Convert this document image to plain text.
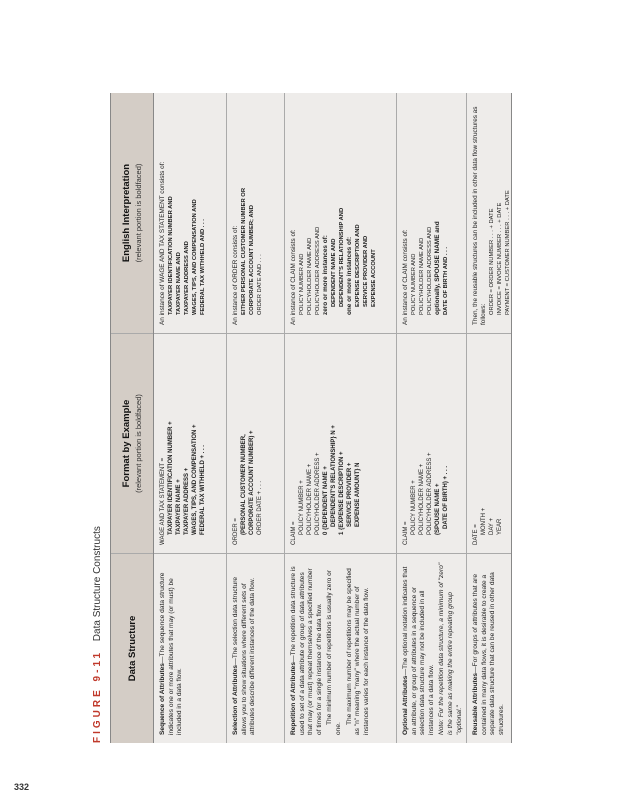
332
FIGURE 9-11 Data Structure Constructs
Data Structure
Format by Example (relevant portion is boldfaced)
English Interpretation (relevant portion is boldfaced)
Sequence of Attributes—The sequence data structure indicates one or more attributes that may (or must) be included in a data flow.
WAGE AND TAX STATEMENT = TAXPAYER IDENTIFICATION NUMBER + TAXPAYER NAME + TAXPAYER ADDRESS + WAGES, TIPS, AND COMPENSATION + FEDERAL TAX WITHHELD + . . .
An instance of WAGE AND TAX STATEMENT consists of: TAXPAYER IDENTIFICATION NUMBER AND TAXPAYER NAME AND TAXPAYER ADDRESS AND WAGES, TIPS, AND COMPENSATION AND FEDERAL TAX WITHHELD AND . . .
Selection of Attributes—The selection data structure allows you to show situations where different sets of attributes describe different instances of the data flow.
ORDER = (PERSONAL CUSTOMER NUMBER, CORPORATE ACCOUNT NUMBER) + ORDER DATE + . . .
An instance of ORDER consists of: EITHER PERSONAL CUSTOMER NUMBER OR CORPORATE ACCOUNT NUMBER; AND ORDER DATE AND . . .

Repetition of Attributes—The repetition data structure is used to set of a data attribute or group of data attributes that may (or must) repeat themselves a specified number of times for a single instance of the data flow. The minimum number of repetitions is usually zero or one.

The maximum number of repetitions may be specified as "n" meaning "many" where the actual number of instances varies for each instance of the data flow.

CLAIM = POLICY NUMBER + POLICYHOLDER NAME + POLICYHOLDER ADDRESS + 0 {DEPENDENT NAME + DEPENDENT'S RELATIONSHIP} N + 1 {EXPENSE DESCRIPTION + SERVICE PROVIDER + EXPENSE AMOUNT} N
An instance of CLAIM consists of: POLICY NUMBER AND POLICYHOLDER NAME AND POLICYHOLDER ADDRESS AND zero or more instances of: DEPENDENT NAME AND DEPENDENT'S RELATIONSHIP AND one or more instances of: EXPENSE DESCRIPTION AND SERVICE PROVIDER AND EXPENSE ACCOUNT

Optional Attributes—The optional notation indicates that an attribute, or group of attributes in a sequence or selection data structure may not be included in all instances of a data flow. Note: For the repetition data structure, a minimum of "zero" is the same as making the entire repeating group "optional."

CLAIM = POLICY NUMBER + POLICYHOLDER NAME + POLICYHOLDER ADDRESS + (SPOUSE NAME + DATE OF BIRTH) + . . .
An instance of CLAIM consists of: POLICY NUMBER AND POLICYHOLDER NAME AND POLICYHOLDER ADDRESS AND optionally, SPOUSE NAME and DATE OF BIRTH AND . . .
Reusable Attributes—For groups of attributes that are contained in many data flows, it is desirable to create a separate data structure that can be reused in other data structures.
DATE = MONTH + DAY + YEAR
Then, the reusable structures can be included in other data flow structures as follows: ORDER = ORDER NUMBER . . . + DATE INVOICE = INVOICE NUMBER . . . + DATE PAYMENT = CUSTOMER NUMBER . . . + DATE
